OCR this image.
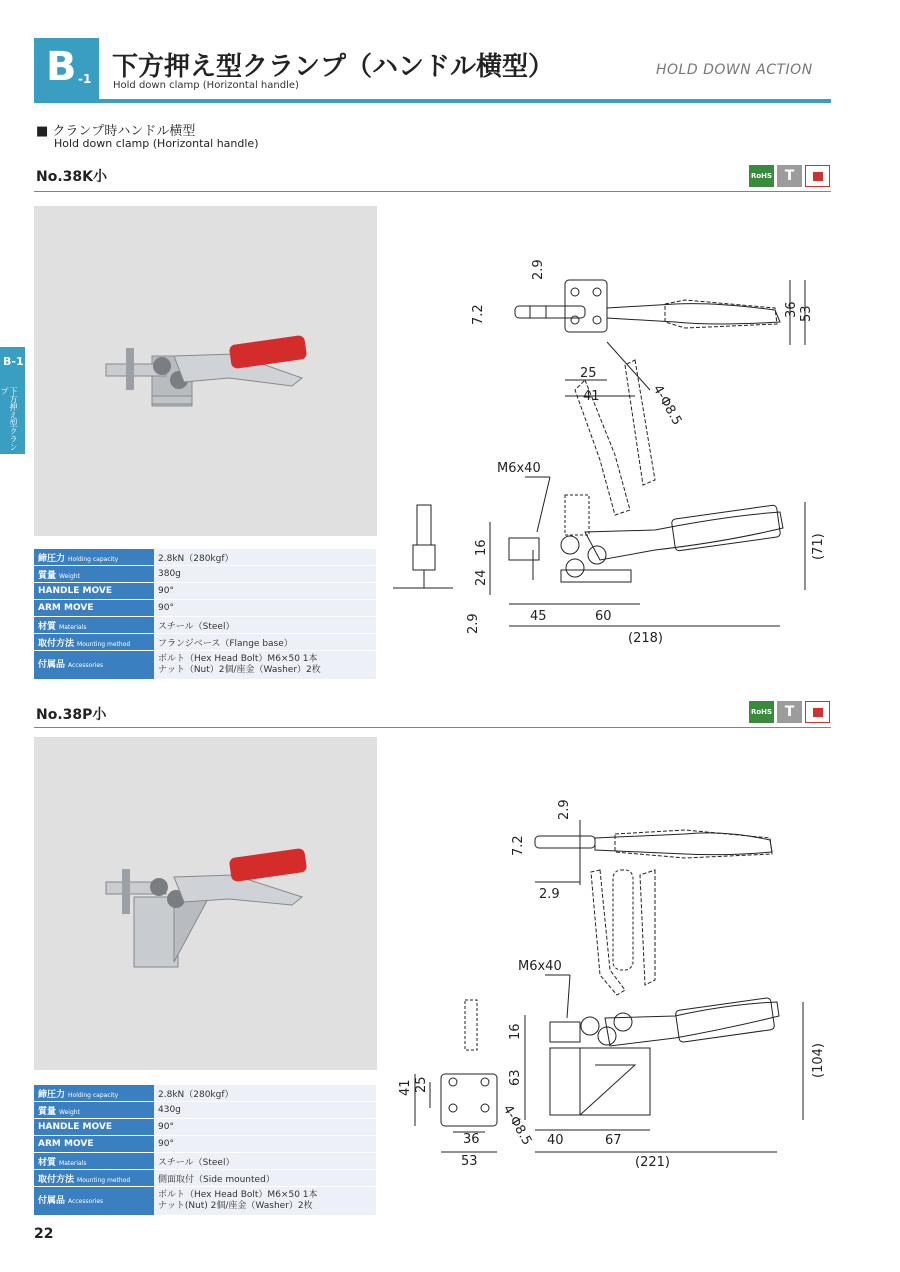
B -1 下方押え型クランプ（ハンドル横型）
Hold down clamp (Horizontal handle)
HOLD DOWN ACTION
■ クランプ時ハンドル横型
Hold down clamp (Horizontal handle)
B-1
下方押え型クランプ
No.38K小	RoHS T
締圧力 Holding capacity	2.8kN（280kgf）
質量 Weight	380g
HANDLE MOVE	90°
ARM MOVE	90°
材質 Materials	スチール（Steel）
取付方法 Mounting method	フランジベース（Flange base）
付属品 Accessories	ボルト（Hex Head Bolt）M6×50 1本
ナット（Nut）2個/座金（Washer）2枚
36 53
2.9
7.2
25
41	4-Φ8.5
M6x40
16
24
2.9	45	60
(218)
(71)
No.38P小	RoHS T
締圧力 Holding capacity	2.8kN（280kgf）
質量 Weight	430g
HANDLE MOVE	90°
ARM MOVE	90°
材質 Materials	スチール（Steel）
取付方法 Mounting method	側面取付（Side mounted）
付属品 Accessories	ボルト（Hex Head Bolt）M6×50 1本
ナット(Nut) 2個/座金（Washer）2枚
2.9
7.2
2.9
M6x40
16
63
40	67
(221)
(104)
41 25
36
53
4-Φ8.5
22
